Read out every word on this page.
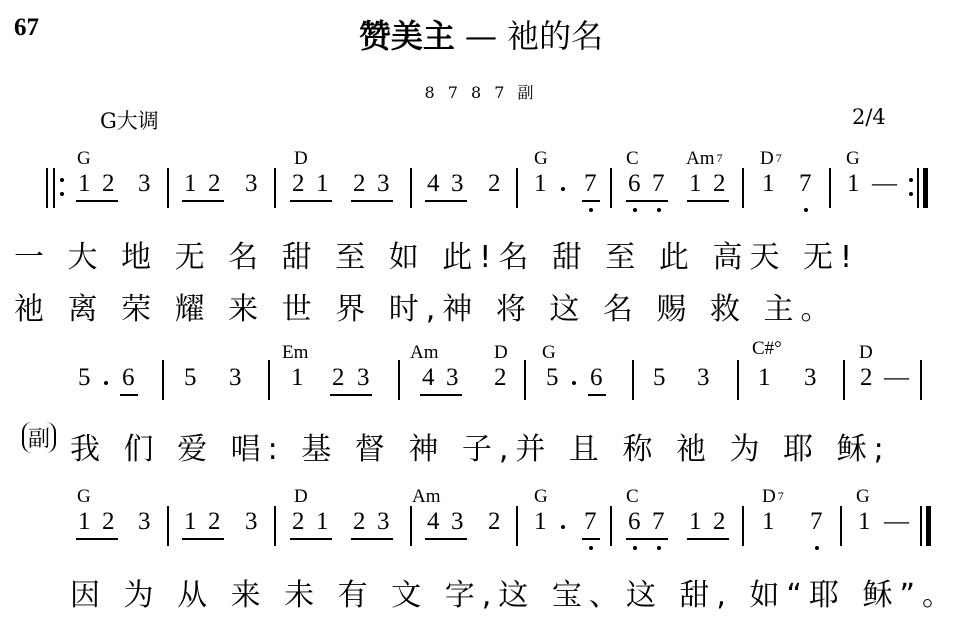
67	赞美主 — 祂的名
8 7 8 7 副
G大调	2/4
G	D	G	C Am $_7$ D $_7$	G
1 2 3 1 2 3 2 1 2 3 4 3 2 1 7 6 7 1 2 1 7 1 —
一 大 地 无 名 甜 至 如 此!名 甜 至 此 高天 无!
祂 离 荣 耀 来 世 界 时,神 将 这 名 赐 救 主。
Em	Am	D G	C#°	D
5 6 5 3 1 2 3 4 3 2 5 6 5 3 1 3 2 —
副 我 们 爱 唱: 基 督 神 子,并 且 称 祂 为 耶 稣;
G	D	Am	G	C	D $_7$	G
1 2 3 1 2 3 2 1 2 3 4 3 2 1 7 6 7 1 2 1 7 1 —
因 为 从 来 未 有 文 字,这 宝、这 甜, 如“耶 稣”。
